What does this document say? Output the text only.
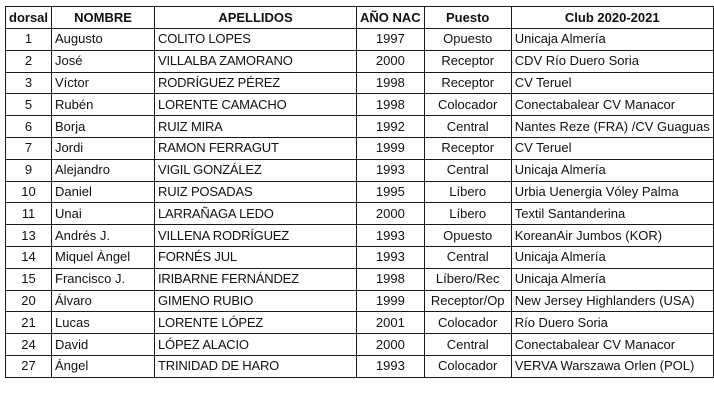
dorsal	NOMBRE	APELLIDOS	AÑO NAC	Puesto	Club 2020-2021
1	Augusto	COLITO LOPES	1997	Opuesto	Unicaja Almería
2	José	VILLALBA ZAMORANO	2000	Receptor	CDV Río Duero Soria
3	Víctor	RODRÍGUEZ PÉREZ	1998	Receptor	CV Teruel
5	Rubén	LORENTE CAMACHO	1998	Colocador	Conectabalear CV Manacor
6	Borja	RUIZ MIRA	1992	Central	Nantes Reze (FRA) /CV Guaguas
7	Jordi	RAMON FERRAGUT	1999	Receptor	CV Teruel
9	Alejandro	VIGIL GONZÁLEZ	1993	Central	Unicaja Almería
10	Daniel	RUIZ POSADAS	1995	Líbero	Urbia Uenergia Vóley Palma
11	Unai	LARRAÑAGA LEDO	2000	Líbero	Textil Santanderina
13	Andrés J.	VILLENA RODRÍGUEZ	1993	Opuesto	KoreanAir Jumbos (KOR)
14	Miquel Àngel	FORNÉS JUL	1993	Central	Unicaja Almería
15	Francisco J.	IRIBARNE FERNÁNDEZ	1998	Líbero/Rec	Unicaja Almería
20	Álvaro	GIMENO RUBIO	1999	Receptor/Op	New Jersey Highlanders (USA)
21	Lucas	LORENTE LÓPEZ	2001	Colocador	Río Duero Soria
24	David	LÓPEZ ALACIO	2000	Central	Conectabalear CV Manacor
27	Ángel	TRINIDAD DE HARO	1993	Colocador	VERVA Warszawa Orlen (POL)
